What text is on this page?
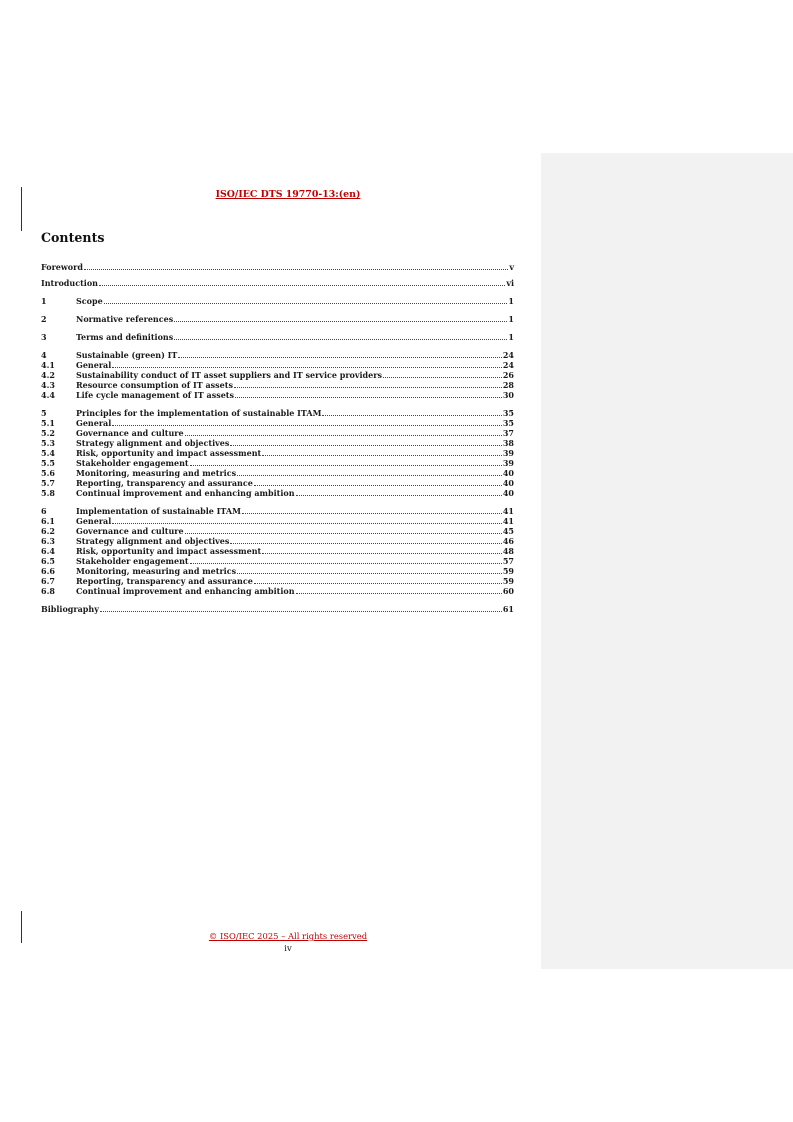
ISO/IEC DTS 19770-13:(en)
Contents
Foreword	v
Introduction	vi
1	Scope	1
2	Normative references	1
3	Terms and definitions	1
4	Sustainable (green) IT	24
4.1	General	24
4.2	Sustainability conduct of IT asset suppliers and IT service providers	26
4.3	Resource consumption of IT assets	28
4.4	Life cycle management of IT assets	30
5	Principles for the implementation of sustainable ITAM	35
5.1	General	35
5.2	Governance and culture	37
5.3	Strategy alignment and objectives	38
5.4	Risk, opportunity and impact assessment	39
5.5	Stakeholder engagement	39
5.6	Monitoring, measuring and metrics	40
5.7	Reporting, transparency and assurance	40
5.8	Continual improvement and enhancing ambition	40
6	Implementation of sustainable ITAM	41
6.1	General	41
6.2	Governance and culture	45
6.3	Strategy alignment and objectives	46
6.4	Risk, opportunity and impact assessment	48
6.5	Stakeholder engagement	57
6.6	Monitoring, measuring and metrics	59
6.7	Reporting, transparency and assurance	59
6.8	Continual improvement and enhancing ambition	60
Bibliography	61
© ISO/IEC 2025 – All rights reserved
iv
